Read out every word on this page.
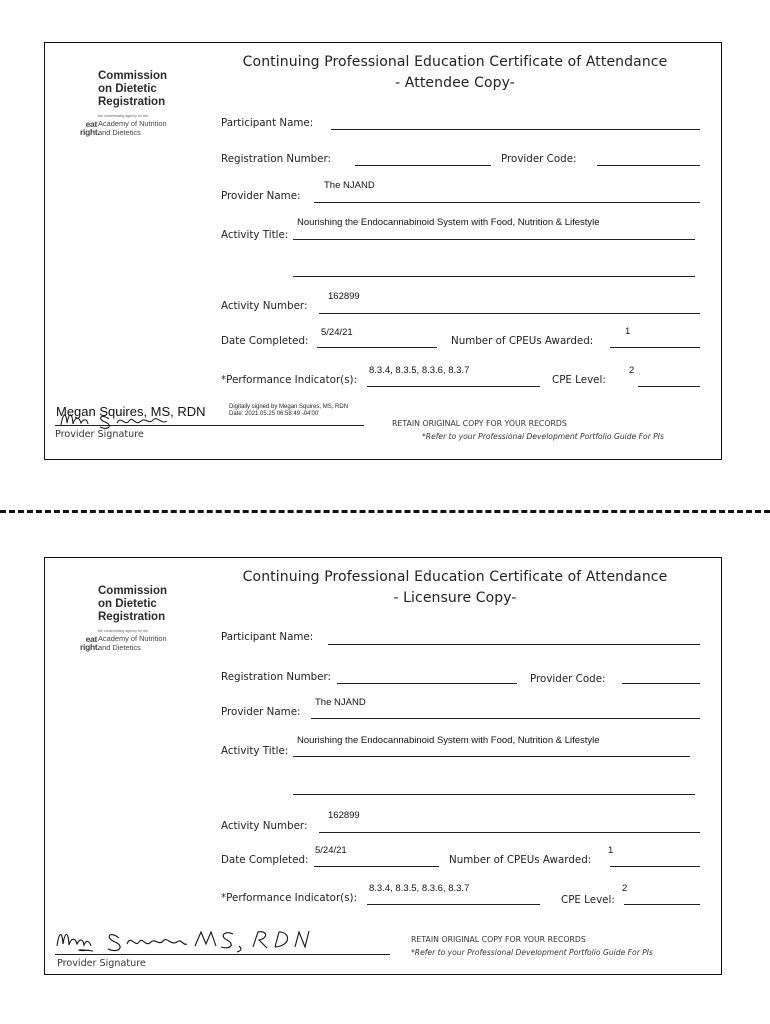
Commission
on Dietetic
Registration
the credentialing agency for the
eat
right.
Academy of Nutrition
and Dietetics
Continuing Professional Education Certificate of Attendance
- Attendee Copy-
Participant Name:
Registration Number:	Provider Code:
Provider Name:
The NJAND
Activity Title:
Nourishing the Endocannabinoid System with Food, Nutrition & Lifestyle
Activity Number:
162899
Date Completed:
5/24/21
Number of CPEUs Awarded:
1
*Performance Indicator(s):
8.3.4, 8.3.5, 8.3.6, 8.3.7
CPE Level:
2
Megan Squires, MS, RDN	Digitally signed by Megan Squires, MS, RDN
Date: 2021.05.25 06:58:49 -04'00'
Provider Signature
RETAIN ORIGINAL COPY FOR YOUR RECORDS
*Refer to your Professional Development Portfolio Guide For PIs
Commission
on Dietetic
Registration
the credentialing agency for the
eat
right.
Academy of Nutrition
and Dietetics
Continuing Professional Education Certificate of Attendance
- Licensure Copy-
Participant Name:
Registration Number:	Provider Code:
Provider Name:
The NJAND
Activity Title:
Nourishing the Endocannabinoid System with Food, Nutrition & Lifestyle
Activity Number:
162899
Date Completed:
5/24/21
Number of CPEUs Awarded:
1
*Performance Indicator(s):
8.3.4, 8.3.5, 8.3.6, 8.3.7
CPE Level:
2
Provider Signature
RETAIN ORIGINAL COPY FOR YOUR RECORDS
*Refer to your Professional Development Portfolio Guide For PIs
